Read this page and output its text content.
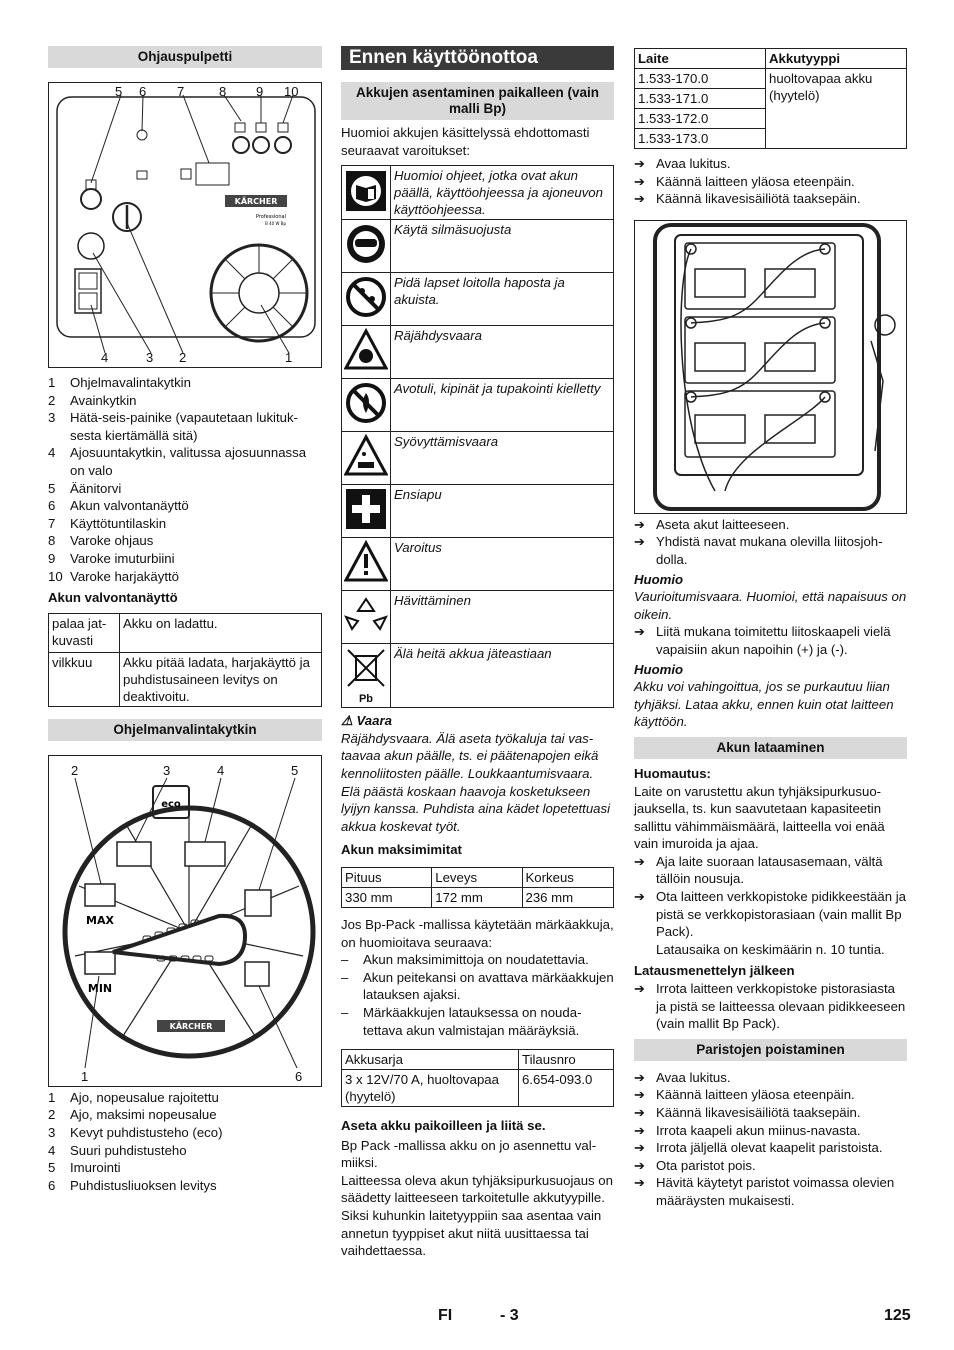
Ohjauspulpetti
KÄRCHER
Professional
B 40 W Bp
5 6 7	8 9 10
4	3 2	1
1	Ohjelmavalintakytkin
2	Avainkytkin
3	Hätä-seis-painike (vapautetaan lukituksesta kiertämällä sitä)
4	Ajosuuntakytkin, valitussa ajosuunnassa on valo
5	Äänitorvi
6	Akun valvontanäyttö
7	Käyttötuntilaskin
8	Varoke ohjaus
9	Varoke imuturbiini
10 Varoke harjakäyttö
Akun valvontanäyttö
palaa jatkuvasti	Akku on ladattu.
vilkkuu	Akku pitää ladata, harjakäyttö ja puhdistusaineen levitys on deaktivoitu.
Ohjelmanvalintakytkin
eco
MAX
MIN
KÄRCHER
2	3	4	5
1	6
1	Ajo, nopeusalue rajoitettu
2	Ajo, maksimi nopeusalue
3	Kevyt puhdistusteho (eco)
4	Suuri puhdistusteho
5	Imurointi
6	Puhdistusliuoksen levitys
Ennen käyttöönottoa
Akkujen asentaminen paikalleen (vain malli Bp)
Huomioi akkujen käsittelyssä ehdottomasti seuraavat varoitukset:
	Huomioi ohjeet, jotka ovat akun päällä, käyttöohjeessa ja ajoneuvon käyttöohjeessa.
	Käytä silmäsuojusta
	Pidä lapset loitolla haposta ja akuista.
	Räjähdysvaara
	Avotuli, kipinät ja tupakointi kielletty
	Syövyttämisvaara
	Ensiapu
	Varoitus
	Hävittäminen

Pb	Älä heitä akkua jäteastiaan
⚠ Vaara
Räjähdysvaara. Älä aseta työkaluja tai vastaavaa akun päälle, ts. ei päätenapojen eikä kennoliitosten päälle. Loukkaantumisvaara. Elä päästä koskaan haavoja kosketukseen lyijyn kanssa. Puhdista aina kädet lopetettuasi akkua koskevat työt.
Akun maksimimitat
Pituus	Leveys	Korkeus
330 mm	172 mm	236 mm
Jos Bp-Pack -mallissa käytetään märkäakkuja, on huomioitava seuraava:
–	Akun maksimimittoja on noudatettavia.
–	Akun peitekansi on avattava märkäakkujen latauksen ajaksi.
–	Märkäakkujen latauksessa on noudatettava akun valmistajan määräyksiä.
Akkusarja	Tilausnro
3 x 12V/70 A, huoltovapaa (hyytelö)	6.654-093.0
Aseta akku paikoilleen ja liitä se.
Bp Pack -mallissa akku on jo asennettu valmiiksi.
Laitteessa oleva akun tyhjäksipurkusuojaus on säädetty laitteeseen tarkoitetulle akkutyypille. Siksi kuhunkin laitetyyppiin saa asentaa vain annetun tyyppiset akut niitä uusittaessa tai vaihdettaessa.
Laite	Akkutyyppi
1.533-170.0	huoltovapaa akku (hyytelö)
1.533-171.0	
1.533-172.0	
1.533-173.0	
➔ Avaa lukitus.
➔ Käännä laitteen yläosa eteenpäin.
➔ Käännä likavesisäiliötä taaksepäin.
➔ Aseta akut laitteeseen.
➔ Yhdistä navat mukana olevilla liitosjohdolla.
Huomio
Vaurioitumisvaara. Huomioi, että napaisuus on oikein.
➔ Liitä mukana toimitettu liitoskaapeli vielä vapaisiin akun napoihin (+) ja (-).
Huomio
Akku voi vahingoittua, jos se purkautuu liian tyhjäksi. Lataa akku, ennen kuin otat laitteen käyttöön.
Akun lataaminen
Huomautus:
Laite on varustettu akun tyhjäksipurkusuojauksella, ts. kun saavutetaan kapasiteetin sallittu vähimmäismäärä, laitteella voi enää vain imuroida ja ajaa.
➔ Aja laite suoraan latausasemaan, vältä tällöin nousuja.
➔ Ota laitteen verkkopistoke pidikkeestään ja pistä se verkkopistorasiaan (vain mallit Bp Pack).
Latausaika on keskimäärin n. 10 tuntia.
Latausmenettelyn jälkeen
➔ Irrota laitteen verkkopistoke pistorasiasta ja pistä se laitteessa olevaan pidikkeeseen (vain mallit Bp Pack).
Paristojen poistaminen
➔ Avaa lukitus.
➔ Käännä laitteen yläosa eteenpäin.
➔ Käännä likavesisäiliötä taaksepäin.
➔ Irrota kaapeli akun miinus-navasta.
➔ Irrota jäljellä olevat kaapelit paristoista.
➔ Ota paristot pois.
➔ Hävitä käytetyt paristot voimassa olevien määräysten mukaisesti.
FI	- 3	125
